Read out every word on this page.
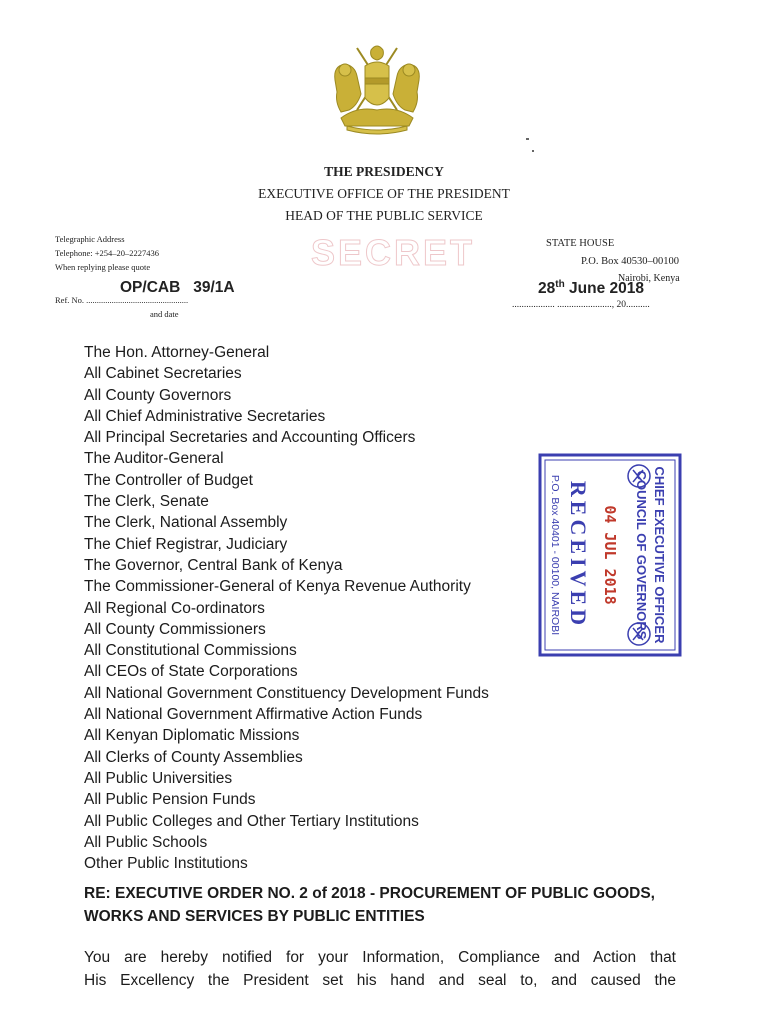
THE PRESIDENCY
EXECUTIVE OFFICE OF THE PRESIDENT
HEAD OF THE PUBLIC SERVICE
Telegraphic Address
Telephone: +254–20–2227436
When replying please quote
OP/CAB   39/1A
Ref. No. ................................................
and date
SECRET	STATE HOUSE
P.O. Box 40530–00100
Nairobi, Kenya
28th June 2018
.................. ......................., 20..........
The Hon. Attorney-General
All Cabinet Secretaries
All County Governors
All Chief Administrative Secretaries
All Principal Secretaries and Accounting Officers
The Auditor-General
The Controller of Budget
The Clerk, Senate
The Clerk, National Assembly
The Chief Registrar, Judiciary
The Governor, Central Bank of Kenya
The Commissioner-General of Kenya Revenue Authority
All Regional Co-ordinators
All County Commissioners
All Constitutional Commissions
All CEOs of State Corporations
All National Government Constituency Development Funds
All National Government Affirmative Action Funds
All Kenyan Diplomatic Missions
All Clerks of County Assemblies
All Public Universities
All Public Pension Funds
All Public Colleges and Other Tertiary Institutions
All Public Schools
Other Public Institutions
CHIEF EXECUTIVE OFFICER
COUNCIL OF GOVERNORS
04 JUL 2018
RECEIVED
P.O. Box 40401 - 00100, NAIROBI
RE: EXECUTIVE ORDER NO. 2 of 2018 - PROCUREMENT OF PUBLIC GOODS, WORKS AND SERVICES BY PUBLIC ENTITIES
You are hereby notified for your Information, Compliance and Action that
His Excellency the President set his hand and seal to, and caused the
